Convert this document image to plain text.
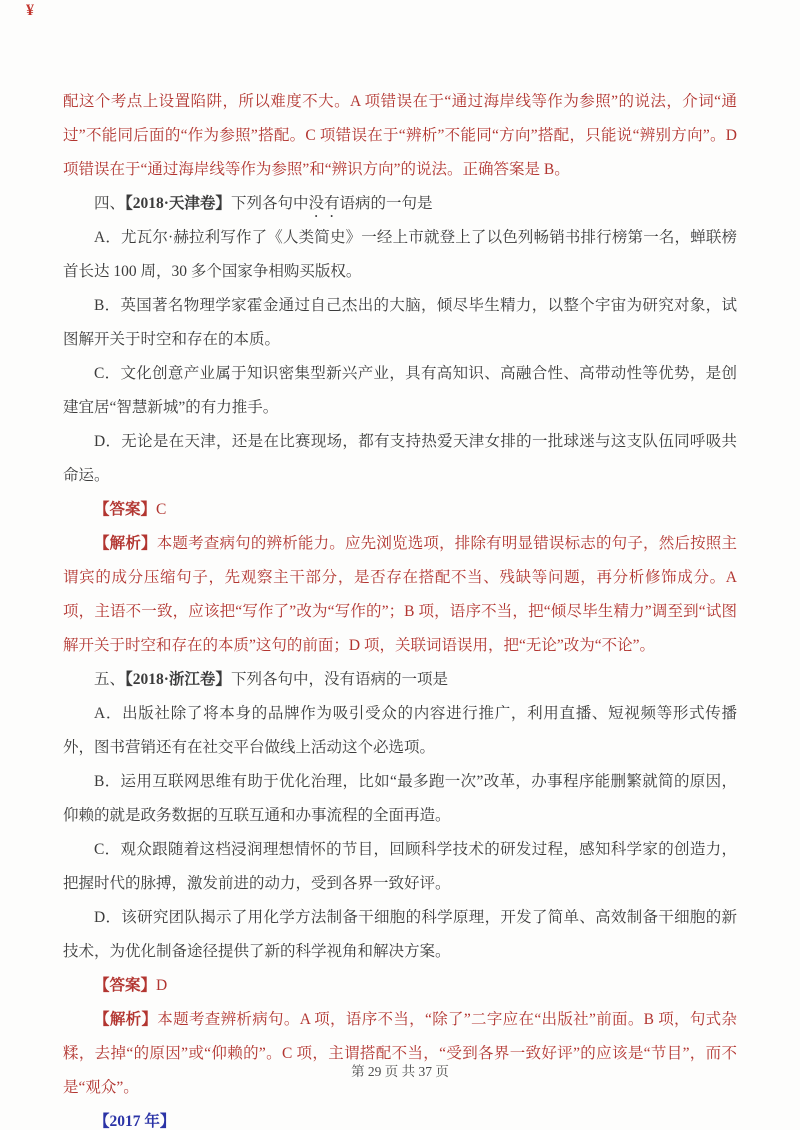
¥

配这个考点上设置陷阱，所以难度不大。A 项错误在于“通过海岸线等作为参照”的说法，介词“通过”不能同后面的“作为参照”搭配。C 项错误在于“辨析”不能同“方向”搭配，只能说“辨别方向”。D 项错误在于“通过海岸线等作为参照”和“辨识方向”的说法。正确答案是 B。

四、【2018·天津卷】下列各句中没有语病的一句是

A．尤瓦尔·赫拉利写作了《人类简史》一经上市就登上了以色列畅销书排行榜第一名，蝉联榜首长达 100 周，30 多个国家争相购买版权。

B．英国著名物理学家霍金通过自己杰出的大脑，倾尽毕生精力，以整个宇宙为研究对象，试图解开关于时空和存在的本质。

C．文化创意产业属于知识密集型新兴产业，具有高知识、高融合性、高带动性等优势，是创建宜居“智慧新城”的有力推手。

D．无论是在天津，还是在比赛现场，都有支持热爱天津女排的一批球迷与这支队伍同呼吸共命运。

【答案】C

【解析】本题考查病句的辨析能力。应先浏览选项，排除有明显错误标志的句子，然后按照主谓宾的成分压缩句子，先观察主干部分，是否存在搭配不当、残缺等问题，再分析修饰成分。A 项，主语不一致，应该把“写作了”改为“写作的”；B 项，语序不当，把“倾尽毕生精力”调至到“试图解开关于时空和存在的本质”这句的前面；D 项，关联词语误用，把“无论”改为“不论”。

五、【2018·浙江卷】下列各句中，没有语病的一项是

A．出版社除了将本身的品牌作为吸引受众的内容进行推广，利用直播、短视频等形式传播外，图书营销还有在社交平台做线上活动这个必选项。

B．运用互联网思维有助于优化治理，比如“最多跑一次”改革，办事程序能删繁就简的原因，仰赖的就是政务数据的互联互通和办事流程的全面再造。

C．观众跟随着这档浸润理想情怀的节目，回顾科学技术的研发过程，感知科学家的创造力，把握时代的脉搏，激发前进的动力，受到各界一致好评。

D．该研究团队揭示了用化学方法制备干细胞的科学原理，开发了简单、高效制备干细胞的新技术，为优化制备途径提供了新的科学视角和解决方案。

【答案】D

【解析】本题考查辨析病句。A 项，语序不当，“除了”二字应在“出版社”前面。B 项，句式杂糅，去掉“的原因”或“仰赖的”。C 项，主谓搭配不当，“受到各界一致好评”的应该是“节目”，而不是“观众”。

【2017 年】

第 29 页 共 37 页
